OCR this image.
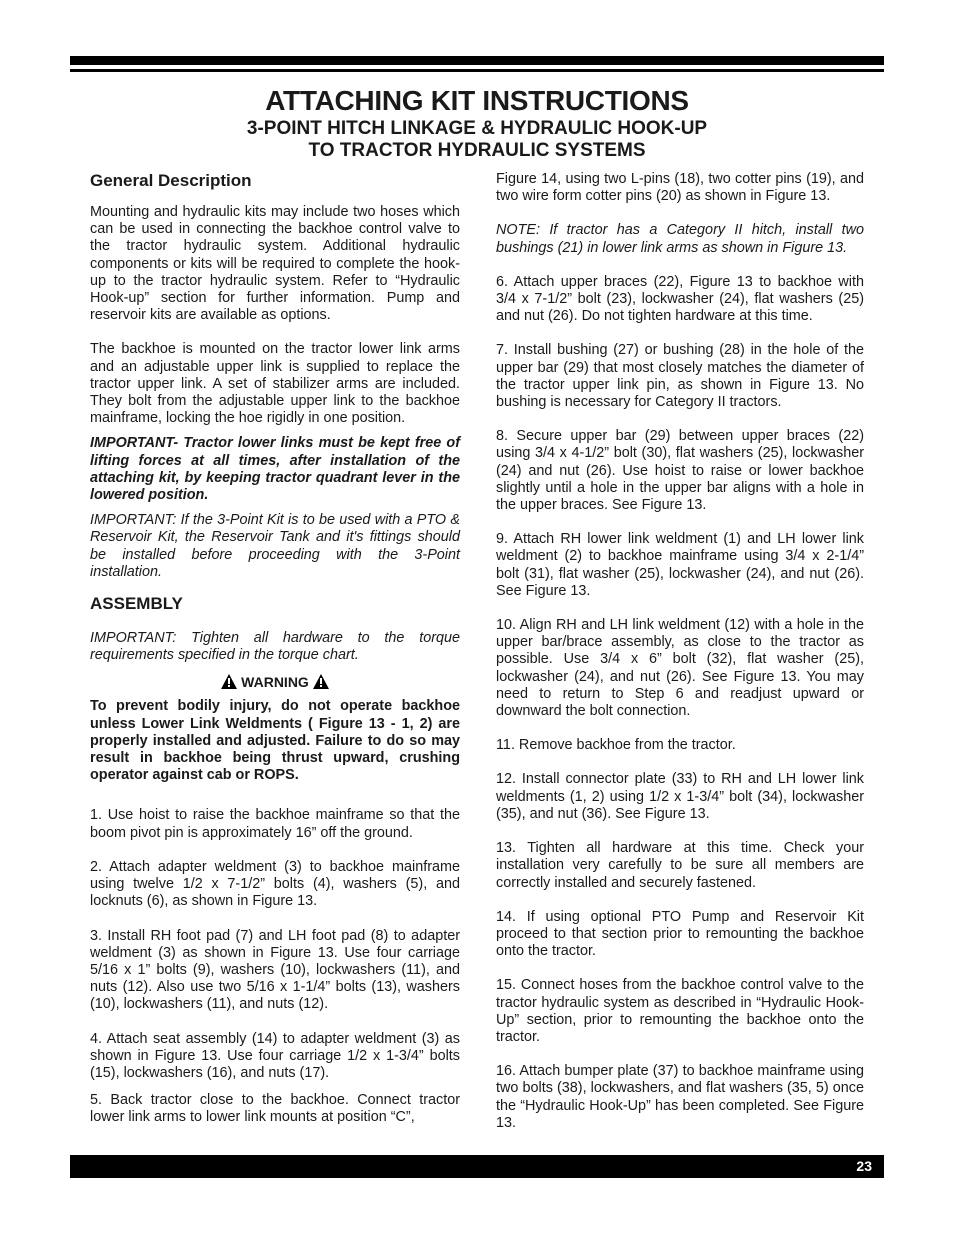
ATTACHING KIT INSTRUCTIONS
3-POINT HITCH LINKAGE & HYDRAULIC HOOK-UP
TO TRACTOR HYDRAULIC SYSTEMS
General Description

Mounting and hydraulic kits may include two hoses which can be used in connecting the backhoe control valve to the tractor hydraulic system. Additional hydraulic components or kits will be required to complete the hook-up to the tractor hydraulic system. Refer to “Hydraulic Hook-up” section for further information. Pump and reservoir kits are available as options.

The backhoe is mounted on the tractor lower link arms and an adjustable upper link is supplied to replace the tractor upper link. A set of stabilizer arms are included. They bolt from the adjustable upper link to the backhoe mainframe, locking the hoe rigidly in one position.

IMPORTANT- Tractor lower links must be kept free of lifting forces at all times, after installation of the attaching kit, by keeping tractor quadrant lever in the lowered position.

IMPORTANT: If the 3-Point Kit is to be used with a PTO & Reservoir Kit, the Reservoir Tank and it's fittings should be installed before proceeding with the 3-Point installation.

ASSEMBLY

IMPORTANT: Tighten all hardware to the torque requirements specified in the torque chart.

WARNING

To prevent bodily injury, do not operate backhoe unless Lower Link Weldments ( Figure 13 - 1, 2) are properly installed and adjusted. Failure to do so may result in backhoe being thrust upward, crushing operator against cab or ROPS.

1. Use hoist to raise the backhoe mainframe so that the boom pivot pin is approximately 16” off the ground.

2. Attach adapter weldment (3) to backhoe mainframe using twelve 1/2 x 7-1/2” bolts (4), washers (5), and locknuts (6), as shown in Figure 13.

3. Install RH foot pad (7) and LH foot pad (8) to adapter weldment (3) as shown in Figure 13. Use four carriage 5/16 x 1” bolts (9), washers (10), lockwashers (11), and nuts (12). Also use two 5/16 x 1-1/4” bolts (13), washers (10), lockwashers (11), and nuts (12).

4. Attach seat assembly (14) to adapter weldment (3) as shown in Figure 13. Use four carriage 1/2 x 1-3/4” bolts (15), lockwashers (16), and nuts (17).

5. Back tractor close to the backhoe. Connect tractor lower link arms to lower link mounts at position “C”,

Figure 14, using two L-pins (18), two cotter pins (19), and two wire form cotter pins (20) as shown in Figure 13.

NOTE: If tractor has a Category II hitch, install two bushings (21) in lower link arms as shown in Figure 13.

6. Attach upper braces (22), Figure 13 to backhoe with 3/4 x 7-1/2” bolt (23), lockwasher (24), flat washers (25) and nut (26). Do not tighten hardware at this time.

7. Install bushing (27) or bushing (28) in the hole of the upper bar (29) that most closely matches the diameter of the tractor upper link pin, as shown in Figure 13. No bushing is necessary for Category II tractors.

8. Secure upper bar (29) between upper braces (22) using 3/4 x 4-1/2” bolt (30), flat washers (25), lockwasher (24) and nut (26). Use hoist to raise or lower backhoe slightly until a hole in the upper bar aligns with a hole in the upper braces. See Figure 13.

9. Attach RH lower link weldment (1) and LH lower link weldment (2) to backhoe mainframe using 3/4 x 2-1/4” bolt (31), flat washer (25), lockwasher (24), and nut (26). See Figure 13.

10. Align RH and LH link weldment (12) with a hole in the upper bar/brace assembly, as close to the tractor as possible. Use 3/4 x 6” bolt (32), flat washer (25), lockwasher (24), and nut (26). See Figure 13. You may need to return to Step 6 and readjust upward or downward the bolt connection.

11. Remove backhoe from the tractor.

12. Install connector plate (33) to RH and LH lower link weldments (1, 2) using 1/2 x 1-3/4” bolt (34), lockwasher (35), and nut (36). See Figure 13.

13. Tighten all hardware at this time. Check your installation very carefully to be sure all members are correctly installed and securely fastened.

14. If using optional PTO Pump and Reservoir Kit proceed to that section prior to remounting the backhoe onto the tractor.

15. Connect hoses from the backhoe control valve to the tractor hydraulic system as described in “Hydraulic Hook-Up” section, prior to remounting the backhoe onto the tractor.

16. Attach bumper plate (37) to backhoe mainframe using two bolts (38), lockwashers, and flat washers (35, 5) once the “Hydraulic Hook-Up” has been completed. See Figure 13.

23
